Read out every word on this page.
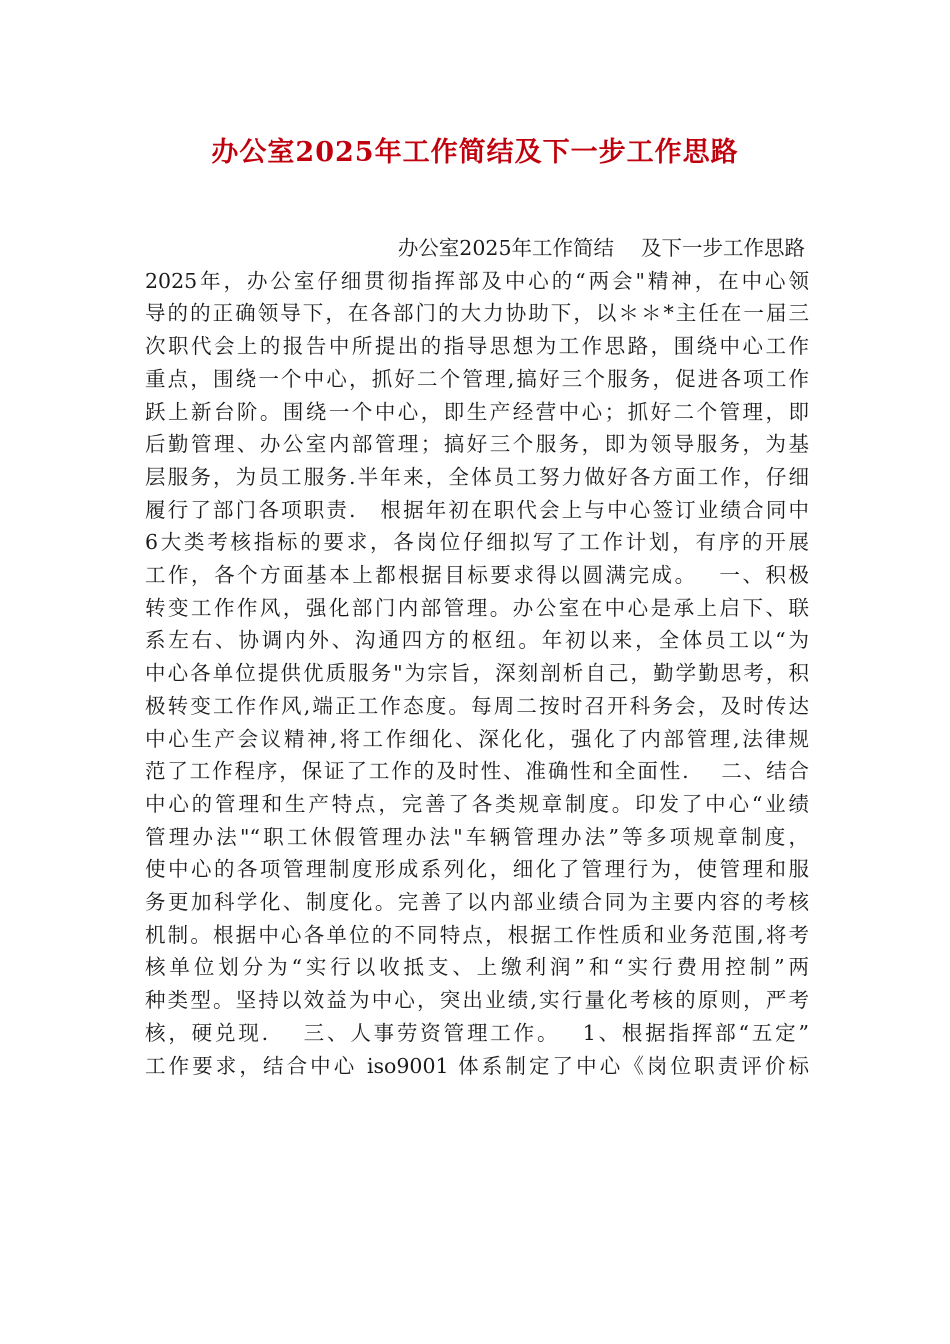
办公室2025年工作简结及下一步工作思路
办公室2025年工作简结　 及下一步工作思路
2025年，办公室仔细贯彻指挥部及中心的“两会"精神，在中心领
导的的正确领导下，在各部门的大力协助下，以＊＊*主任在一届三
次职代会上的报告中所提出的指导思想为工作思路，围绕中心工作
重点，围绕一个中心，抓好二个管理,搞好三个服务，促进各项工作
跃上新台阶。围绕一个中心，即生产经营中心；抓好二个管理，即
后勤管理、办公室内部管理；搞好三个服务，即为领导服务，为基
层服务，为员工服务.半年来，全体员工努力做好各方面工作，仔细
履行了部门各项职责.　根据年初在职代会上与中心签订业绩合同中
6大类考核指标的要求，各岗位仔细拟写了工作计划，有序的开展
工作，各个方面基本上都根据目标要求得以圆满完成。　 一、积极
转变工作作风，强化部门内部管理。办公室在中心是承上启下、联
系左右、协调内外、沟通四方的枢纽。年初以来，全体员工以“为
中心各单位提供优质服务"为宗旨，深刻剖析自己，勤学勤思考，积
极转变工作作风,端正工作态度。每周二按时召开科务会，及时传达
中心生产会议精神,将工作细化、深化化，强化了内部管理,法律规
范了工作程序，保证了工作的及时性、准确性和全面性.　 二、结合
中心的管理和生产特点，完善了各类规章制度。印发了中心“业绩
管理办法"“职工休假管理办法"车辆管理办法”等多项规章制度，
使中心的各项管理制度形成系列化，细化了管理行为，使管理和服
务更加科学化、制度化。完善了以内部业绩合同为主要内容的考核
机制。根据中心各单位的不同特点，根据工作性质和业务范围,将考
核单位划分为“实行以收抵支、上缴利润”和“实行费用控制”两
种类型。坚持以效益为中心，突出业绩,实行量化考核的原则，严考
核，硬兑现.　 三、人事劳资管理工作。　 1、根据指挥部“五定”
工作要求，结合中心 iso9001 体系制定了中心《岗位职责评价标
